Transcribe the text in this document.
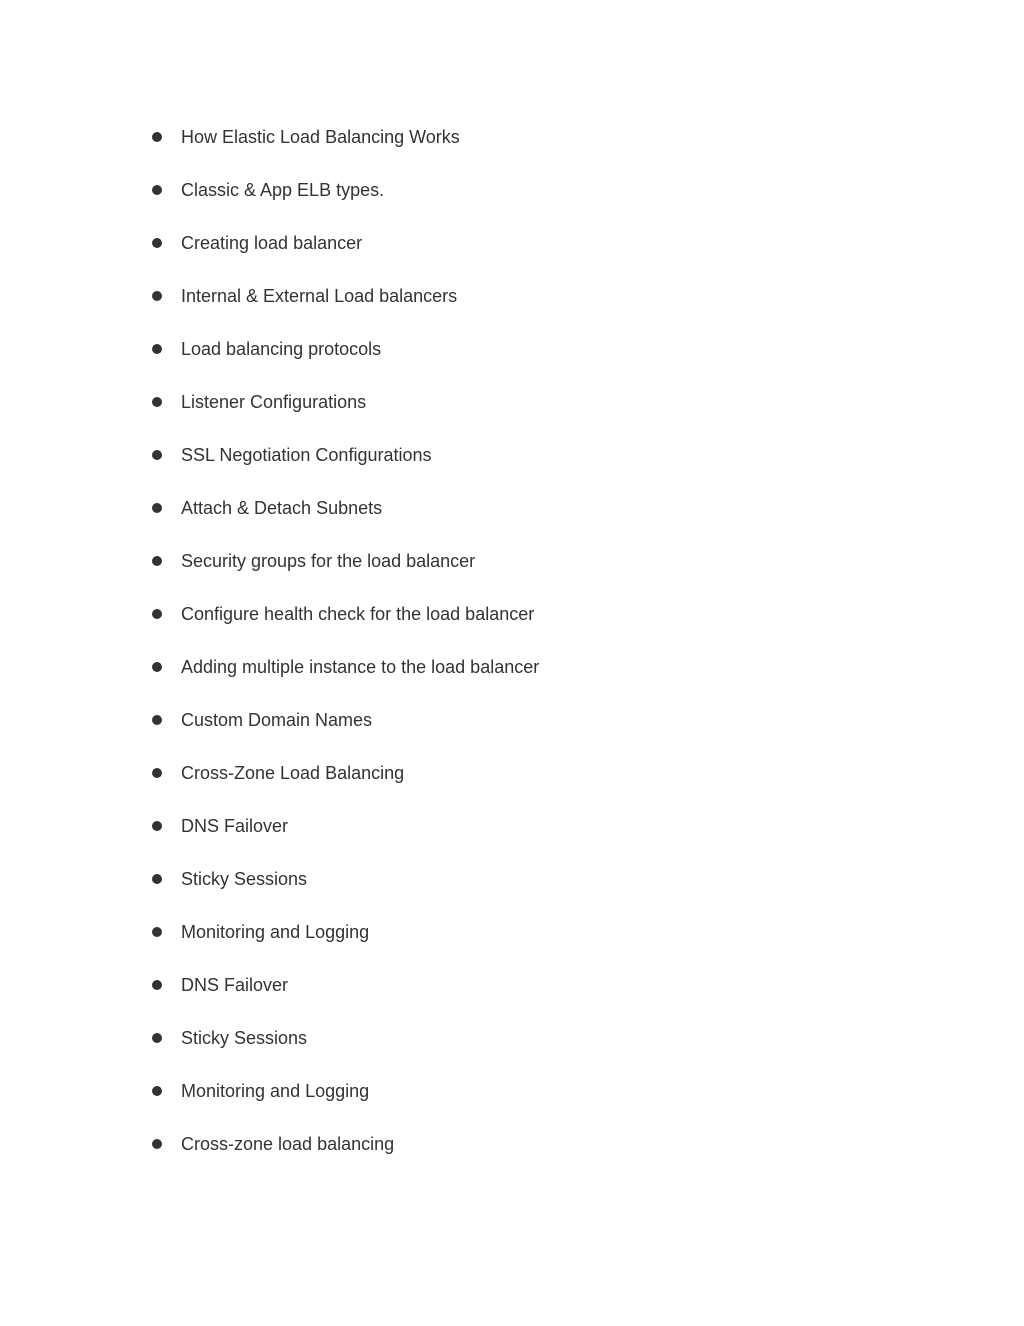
How Elastic Load Balancing Works
Classic & App ELB types.
Creating load balancer
Internal & External Load balancers
Load balancing protocols
Listener Configurations
SSL Negotiation Configurations
Attach & Detach Subnets
Security groups for the load balancer
Configure health check for the load balancer
Adding multiple instance to the load balancer
Custom Domain Names
Cross-Zone Load Balancing
DNS Failover
Sticky Sessions
Monitoring and Logging
DNS Failover
Sticky Sessions
Monitoring and Logging
Cross-zone load balancing
